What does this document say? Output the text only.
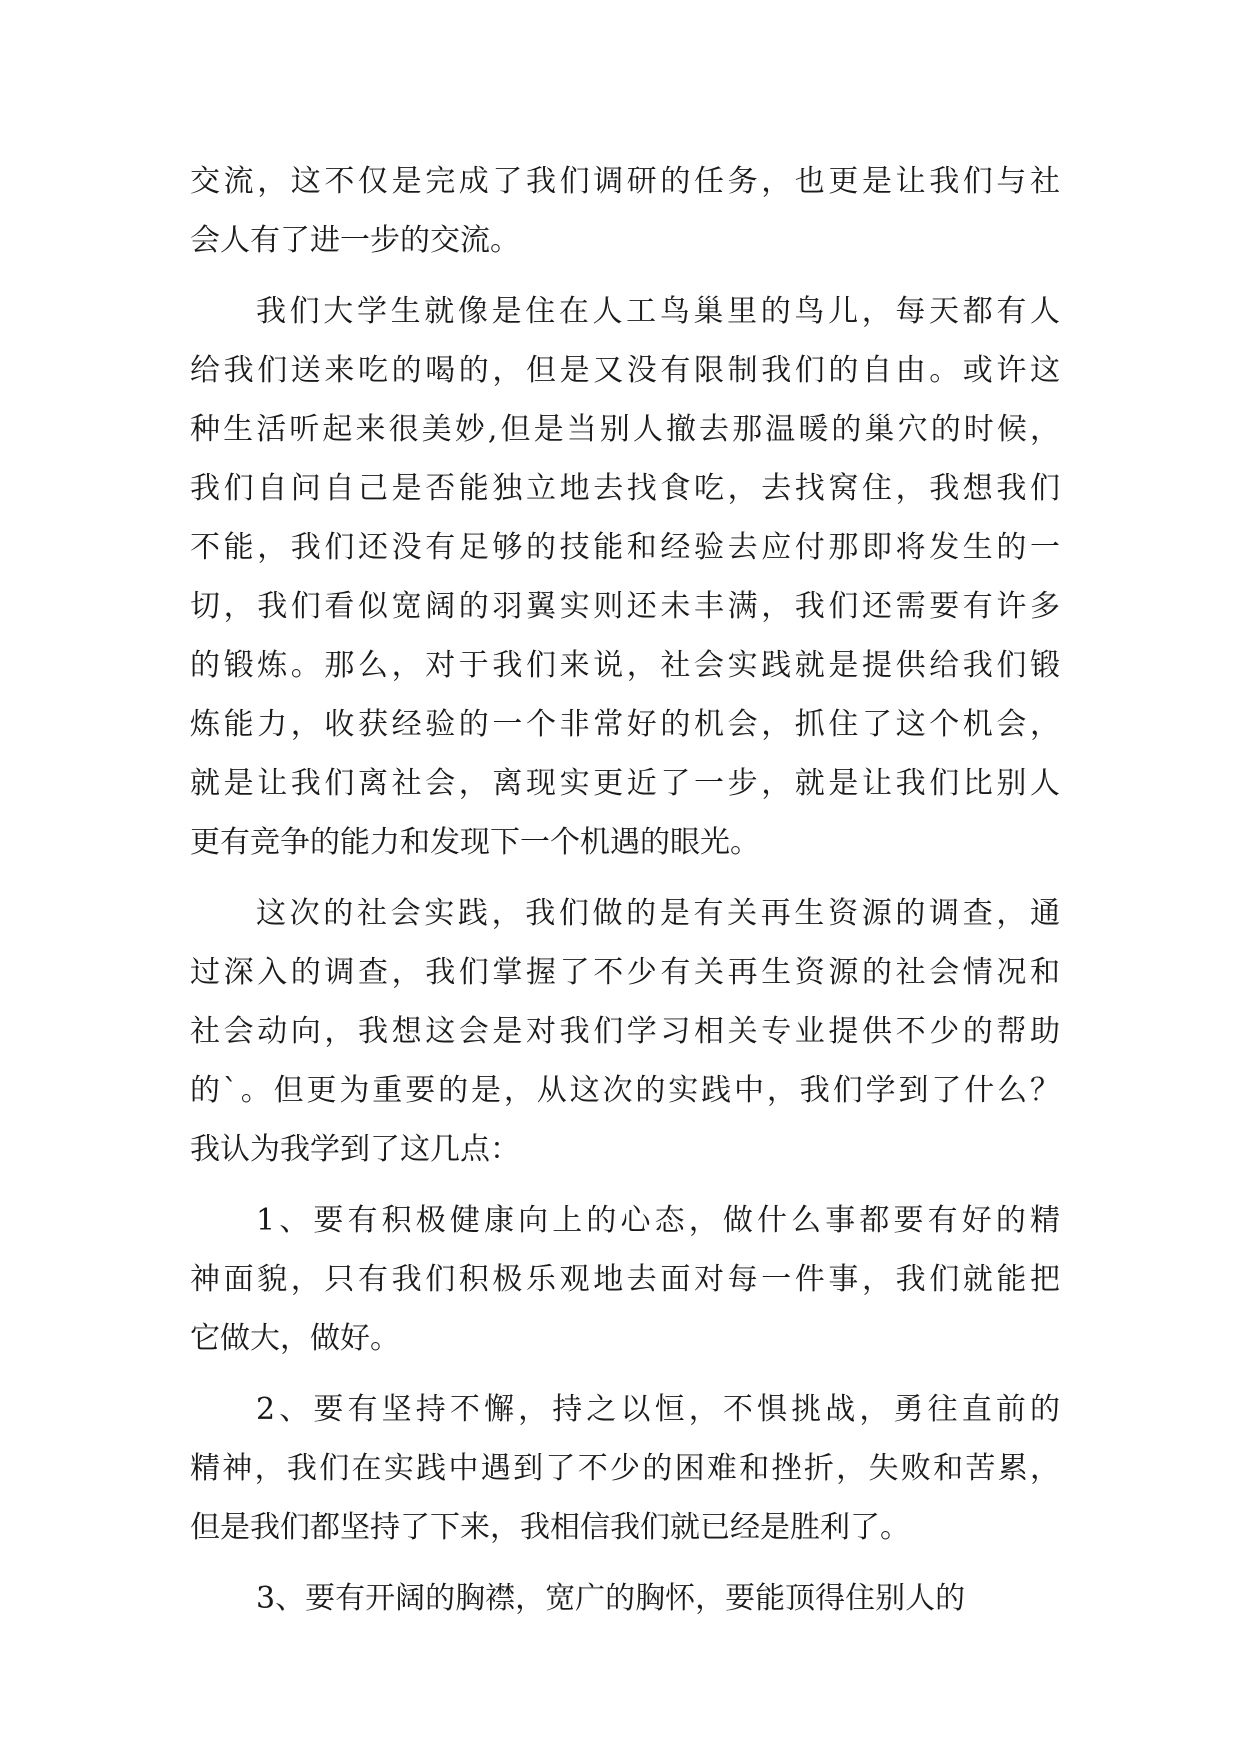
交流，这不仅是完成了我们调研的任务，也更是让我们与社
会人有了进一步的交流。
我们大学生就像是住在人工鸟巢里的鸟儿，每天都有人
给我们送来吃的喝的，但是又没有限制我们的自由。或许这
种生活听起来很美妙,但是当别人撤去那温暖的巢穴的时候，
我们自问自己是否能独立地去找食吃，去找窝住，我想我们
不能，我们还没有足够的技能和经验去应付那即将发生的一
切，我们看似宽阔的羽翼实则还未丰满，我们还需要有许多
的锻炼。那么，对于我们来说，社会实践就是提供给我们锻
炼能力，收获经验的一个非常好的机会，抓住了这个机会，
就是让我们离社会，离现实更近了一步，就是让我们比别人
更有竞争的能力和发现下一个机遇的眼光。
这次的社会实践，我们做的是有关再生资源的调查，通
过深入的调查，我们掌握了不少有关再生资源的社会情况和
社会动向，我想这会是对我们学习相关专业提供不少的帮助
的`。但更为重要的是，从这次的实践中，我们学到了什么？
我认为我学到了这几点：
1、要有积极健康向上的心态，做什么事都要有好的精
神面貌，只有我们积极乐观地去面对每一件事，我们就能把
它做大，做好。
2、要有坚持不懈，持之以恒，不惧挑战，勇往直前的
精神，我们在实践中遇到了不少的困难和挫折，失败和苦累，
但是我们都坚持了下来，我相信我们就已经是胜利了。
3、要有开阔的胸襟，宽广的胸怀，要能顶得住别人的
